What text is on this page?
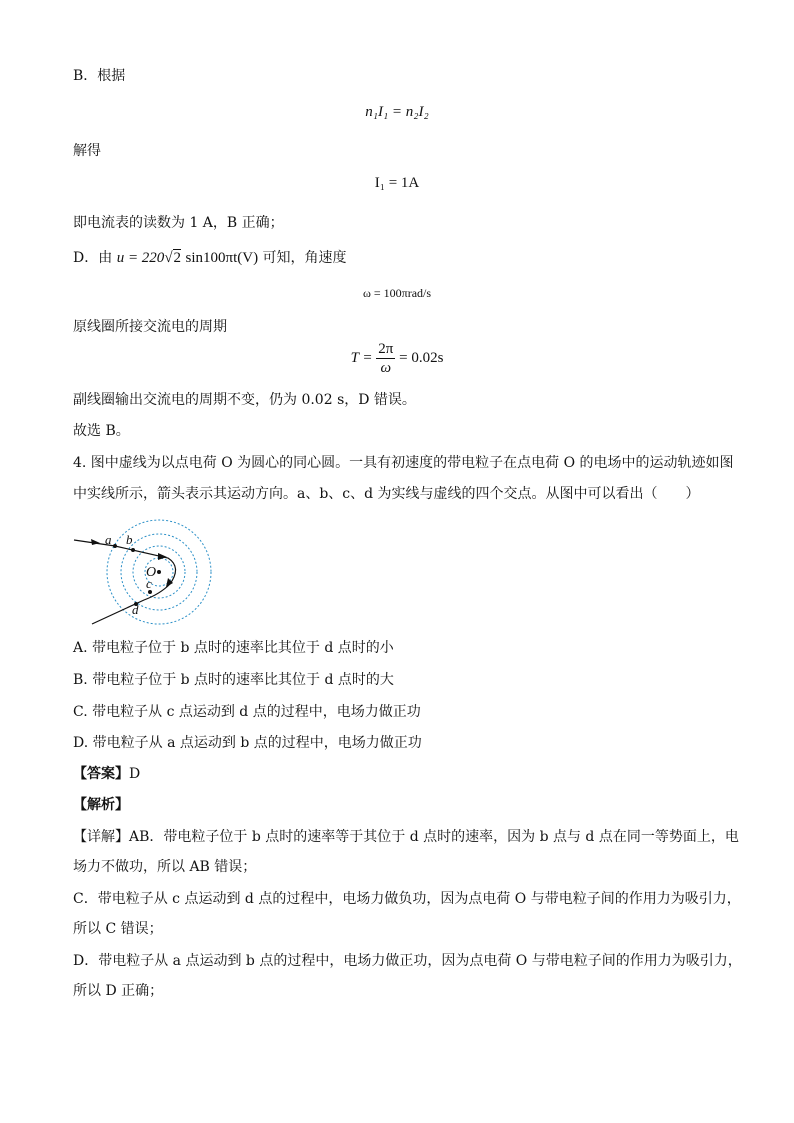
B．根据
n₁I₁ = n₂I₂
解得
I₁ = 1A
即电流表的读数为 1 A，B 正确；
D．由 u = 220√2 sin100πt(V) 可知，角速度
ω = 100πrad/s
原线圈所接交流电的周期
$T = \frac{2\pi}{\omega} = 0.02s$
副线圈输出交流电的周期不变，仍为 0.02 s，D 错误。
故选 B。
4. 图中虚线为以点电荷 O 为圆心的同心圆。一具有初速度的带电粒子在点电荷 O 的电场中的运动轨迹如图
中实线所示，箭头表示其运动方向。a、b、c、d 为实线与虚线的四个交点。从图中可以看出（　　）
a b
c
d
O
A. 带电粒子位于 b 点时的速率比其位于 d 点时的小
B. 带电粒子位于 b 点时的速率比其位于 d 点时的大
C. 带电粒子从 c 点运动到 d 点的过程中，电场力做正功
D. 带电粒子从 a 点运动到 b 点的过程中，电场力做正功
【答案】D
【解析】
【详解】AB．带电粒子位于 b 点时的速率等于其位于 d 点时的速率，因为 b 点与 d 点在同一等势面上，电
场力不做功，所以 AB 错误；
C．带电粒子从 c 点运动到 d 点的过程中，电场力做负功，因为点电荷 O 与带电粒子间的作用力为吸引力，
所以 C 错误；
D．带电粒子从 a 点运动到 b 点的过程中，电场力做正功，因为点电荷 O 与带电粒子间的作用力为吸引力，
所以 D 正确；
